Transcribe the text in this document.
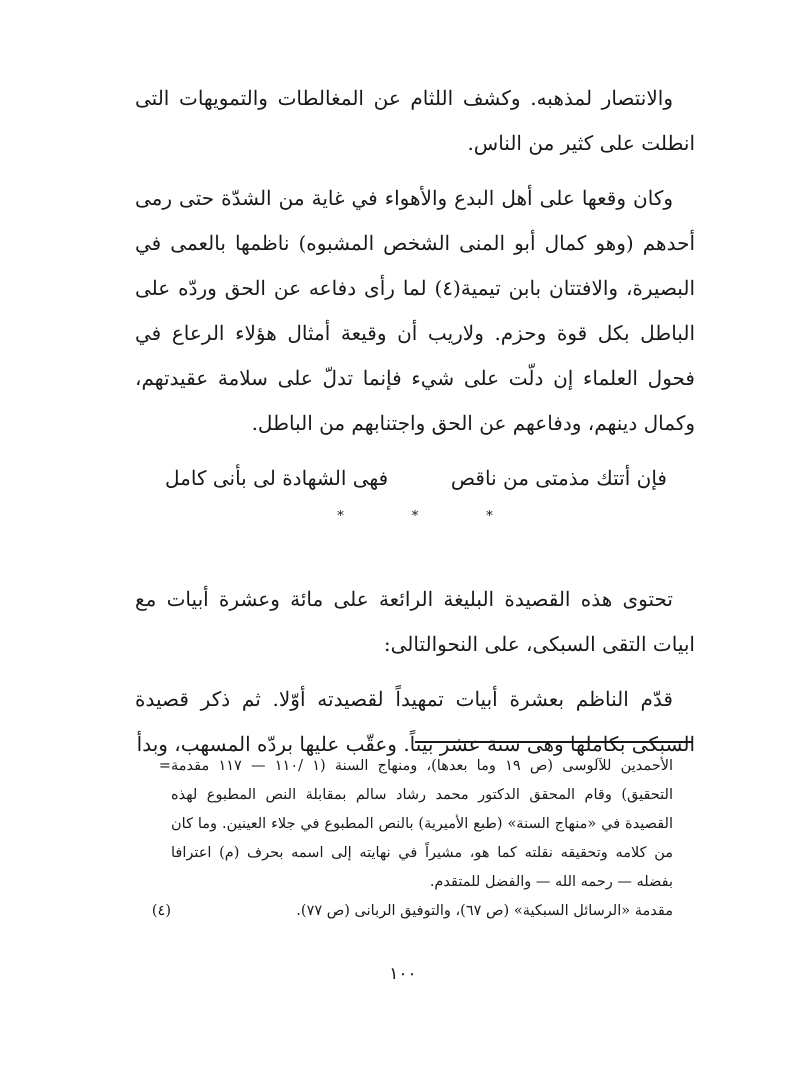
والانتصار لمذهبه. وكشف اللثام عن المغالطات والتمويهات التى انطلت على كثير من الناس.

وكان وقعها على أهل البدع والأهواء في غاية من الشدّة حتى رمى أحدهم (وهو كمال أبو المنى الشخص المشبوه) ناظمها بالعمى في البصيرة، والافتتان بابن تيمية(٤) لما رأى دفاعه عن الحق وردّه على الباطل بكل قوة وحزم. ولاريب أن وقيعة أمثال هؤلاء الرعاع في فحول العلماء إن دلّت على شيء فإنما تدلّ على سلامة عقيدتهم، وكمال دينهم، ودفاعهم عن الحق واجتنابهم من الباطل.

فإن أتتك مذمتى من ناقص
فهى الشهادة لى بأنى كامل
*
*
*

تحتوى هذه القصيدة البليغة الرائعة على مائة وعشرة أبيات مع ابيات التقى السبكى، على النحوالتالى:

قدّم الناظم بعشرة أبيات تمهيداً لقصيدته أوّلا. ثم ذكر قصيدة السبكى بكاملها وهى ستة عشر بيتاً. وعقّب عليها بردّه المسهب، وبدأ

الأحمدين للآلوسى (ص ١٩ وما بعدها)، ومنهاج السنة (١ /١١٠ — ١١٧ مقدمة التحقيق) وقام المحقق الدكتور محمد رشاد سالم بمقابلة النص المطبوع لهذه القصيدة في «منهاج السنة» (طبع الأميرية) بالنص المطبوع في جلاء العينين. وما كان من كلامه وتحقيقه نقلته كما هو، مشيراً في نهايته إلى اسمه بحرف (م) اعترافا بفضله — رحمه الله — والفضل للمتقدم.
=
مقدمة «الرسائل السبكية» (ص ٦٧)، والتوفيق الربانى (ص ٧٧).
(٤)
١٠٠
